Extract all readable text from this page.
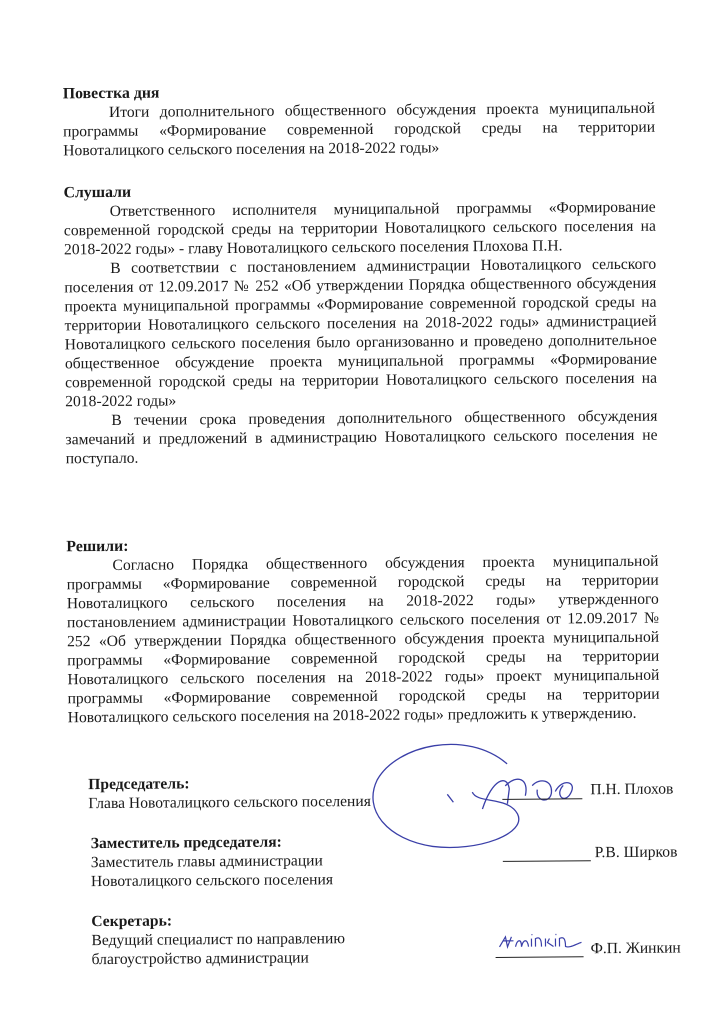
Повестка дня

Итоги дополнительного общественного обсуждения проекта муниципальной программы «Формирование современной городской среды на территории Новоталицкого сельского поселения на 2018-2022 годы»

Слушали

Ответственного исполнителя муниципальной программы «Формирование современной городской среды на территории Новоталицкого сельского поселения на 2018-2022 годы» - главу Новоталицкого сельского поселения Плохова П.Н.

В соответствии с постановлением администрации Новоталицкого сельского поселения от 12.09.2017 № 252 «Об утверждении Порядка общественного обсуждения проекта муниципальной программы «Формирование современной городской среды на территории Новоталицкого сельского поселения на 2018-2022 годы» администрацией Новоталицкого сельского поселения было организованно и проведено дополнительное общественное обсуждение проекта муниципальной программы «Формирование современной городской среды на территории Новоталицкого сельского поселения на 2018-2022 годы»

В течении срока проведения дополнительного общественного обсуждения замечаний и предложений в администрацию Новоталицкого сельского поселения не поступало.

Решили:

Согласно Порядка общественного обсуждения проекта муниципальной программы «Формирование современной городской среды на территории Новоталицкого сельского поселения на 2018-2022 годы» утвержденного постановлением администрации Новоталицкого сельского поселения от 12.09.2017 № 252 «Об утверждении Порядка общественного обсуждения проекта муниципальной программы «Формирование современной городской среды на территории Новоталицкого сельского поселения на 2018-2022 годы» проект муниципальной программы «Формирование современной городской среды на территории Новоталицкого сельского поселения на 2018-2022 годы» предложить к утверждению.

Председатель:

Глава Новоталицкого сельского поселения

П.Н. Плохов

Заместитель председателя:

Заместитель главы администрации

Новоталицкого сельского поселения

Р.В. Ширков

Секретарь:

Ведущий специалист по направлению

благоустройство администрации

Ф.П. Жинкин
